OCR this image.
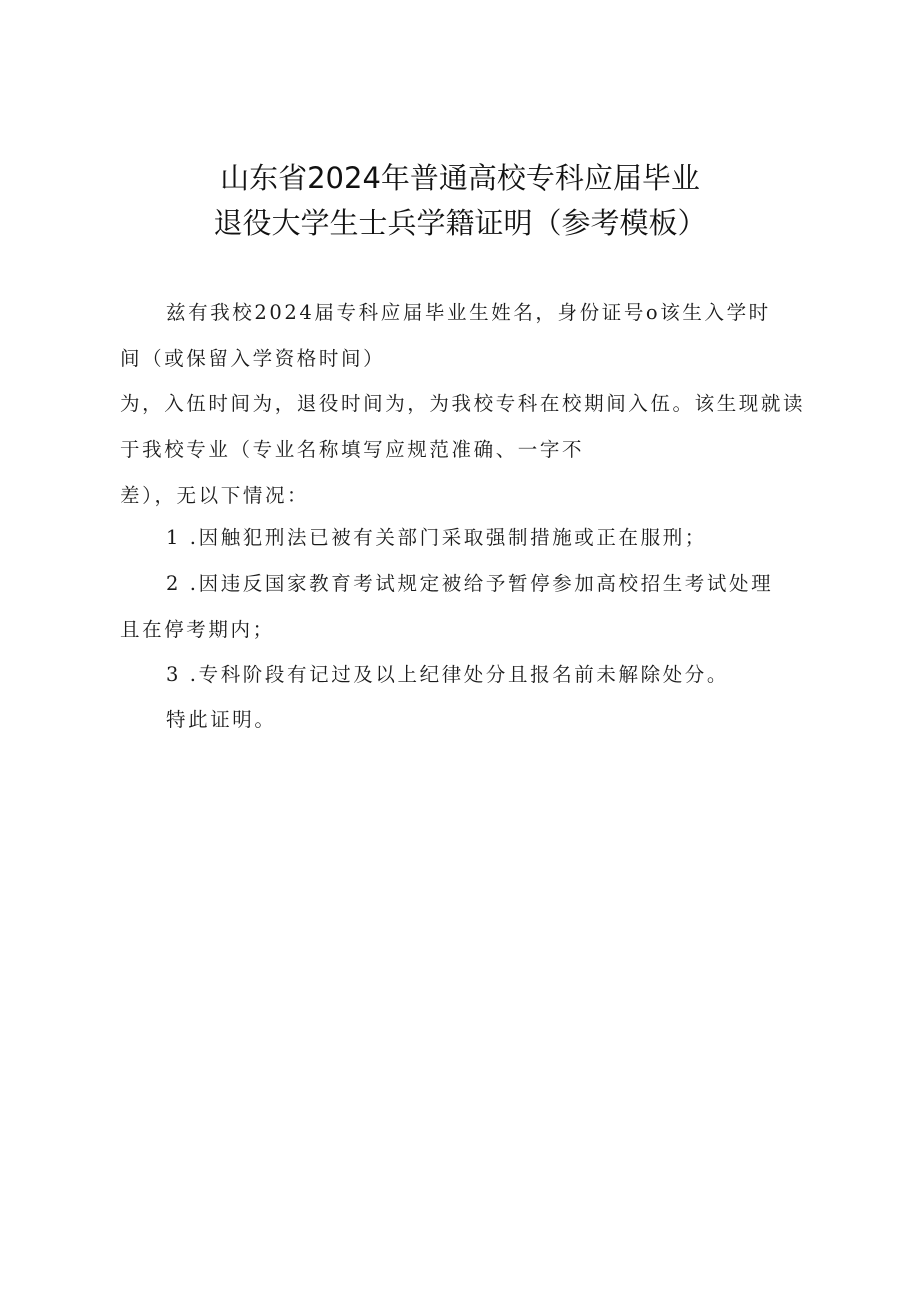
山东省2024年普通高校专科应届毕业
退役大学生士兵学籍证明（参考模板）
兹有我校2024届专科应届毕业生姓名，身份证号o该生入学时
间（或保留入学资格时间）
为，入伍时间为，退役时间为，为我校专科在校期间入伍。该生现就读
于我校专业（专业名称填写应规范准确、一字不
差），无以下情况：
1 .因触犯刑法已被有关部门采取强制措施或正在服刑；
2 .因违反国家教育考试规定被给予暂停参加高校招生考试处理
且在停考期内；
3 .专科阶段有记过及以上纪律处分且报名前未解除处分。
特此证明。
